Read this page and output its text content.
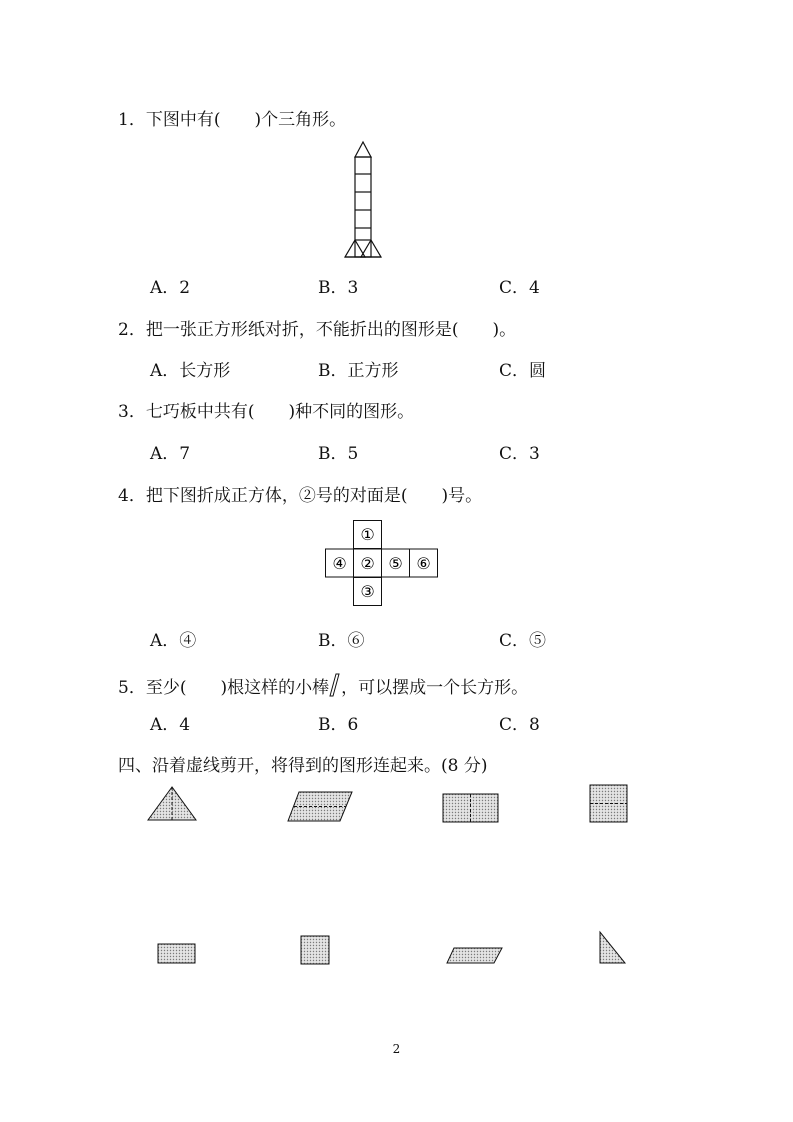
1．下图中有(　　)个三角形。
A．2	B．3	C．4
2．把一张正方形纸对折，不能折出的图形是(　　)。
A．长方形	B．正方形	C．圆
3．七巧板中共有(　　)种不同的图形。
A．7	B．5	C．3
4．把下图折成正方体，②号的对面是(　　)号。
①
④ ② ⑤ ⑥
③
A．④	B．⑥	C．⑤
5．至少(　　)根这样的小棒 ，可以摆成一个长方形。
A．4	B．6	C．8
四、沿着虚线剪开，将得到的图形连起来。(8 分)
2
